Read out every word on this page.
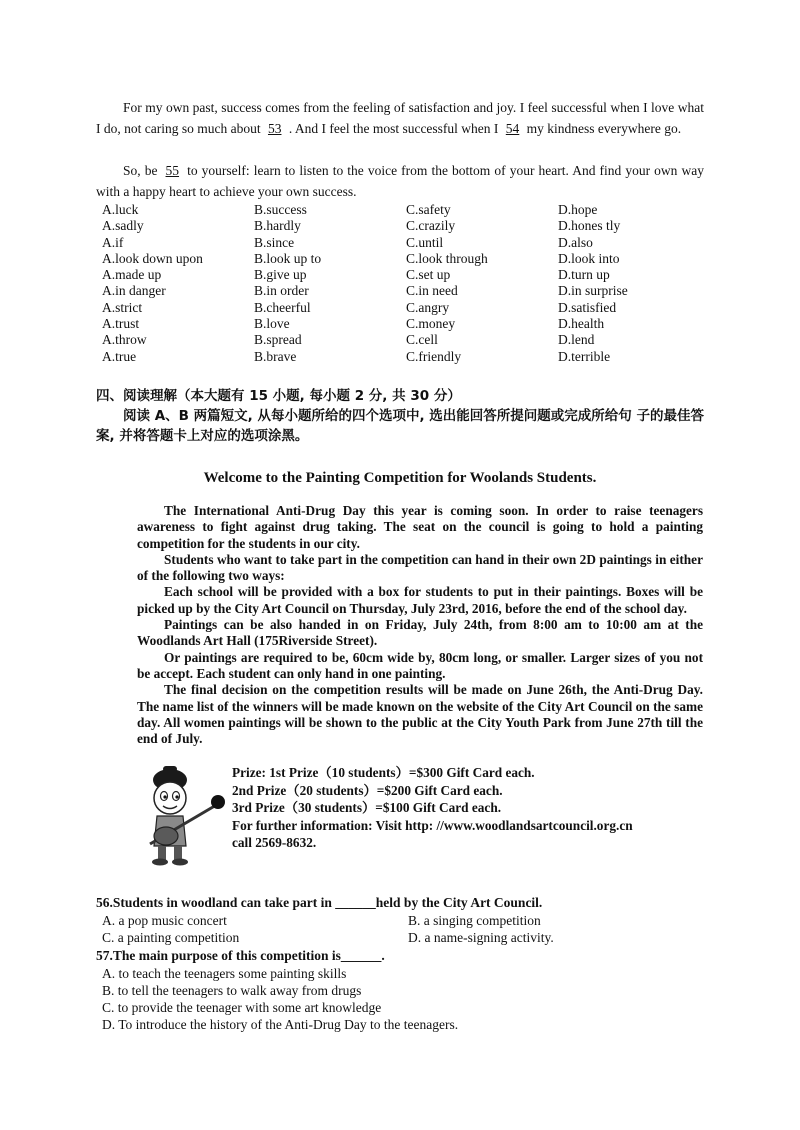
For my own past, success comes from the feeling of satisfaction and joy. I feel successful when I love what I do, not caring so much about 53 . And I feel the most successful when I 54 my kindness everywhere go.

So, be 55 to yourself: learn to listen to the voice from the bottom of your heart. And find your own way with a happy heart to achieve your own success.

A.luck	B.success	C.safety	D.hope
A.sadly	B.hardly	C.crazily	D.hones tly
A.if	B.since	C.until	D.also
A.look down upon	B.look up to	C.look through	D.look into
A.made up	B.give up	C.set up	D.turn up
A.in danger	B.in order	C.in need	D.in surprise
A.strict	B.cheerful	C.angry	D.satisfied
A.trust	B.love	C.money	D.health
A.throw	B.spread	C.cell	D.lend
A.true	B.brave	C.friendly	D.terrible

四、阅读理解（本大题有 15 小题, 每小题 2 分, 共 30 分）

阅读 A、B 两篇短文, 从每小题所给的四个选项中, 选出能回答所提问题或完成所给句 子的最佳答案, 并将答题卡上对应的选项涂黑。

Welcome to the Painting Competition for Woolands Students.

The International Anti-Drug Day this year is coming soon. In order to raise teenagers awareness to fight against drug taking. The seat on the council is going to hold a painting competition for the students in our city.

Students who want to take part in the competition can hand in their own 2D paintings in either of the following two ways:

Each school will be provided with a box for students to put in their paintings. Boxes will be picked up by the City Art Council on Thursday, July 23rd, 2016, before the end of the school day.

Paintings can be also handed in on Friday, July 24th, from 8:00 am to 10:00 am at the Woodlands Art Hall (175Riverside Street).

Or paintings are required to be, 60cm wide by, 80cm long, or smaller. Larger sizes of you not be accept. Each student can only hand in one painting.

The final decision on the competition results will be made on June 26th, the Anti-Drug Day. The name list of the winners will be made known on the website of the City Art Council on the same day. All women paintings will be shown to the public at the City Youth Park from June 27th till the end of July.

Prize: 1st Prize（10 students）=$300 Gift Card each.
2nd Prize（20 students）=$200 Gift Card each.
3rd Prize（30 students）=$100 Gift Card each.
For further information: Visit http: //www.woodlandsartcouncil.org.cn
call 2569-8632.
56.Students in woodland can take part in ______held by the City Art Council.
A. a pop music concert	B. a singing competition
C. a painting competition	D. a name-signing activity.
57.The main purpose of this competition is______.
A. to teach the teenagers some painting skills
B. to tell the teenagers to walk away from drugs
C. to provide the teenager with some art knowledge
D. To introduce the history of the Anti-Drug Day to the teenagers.
